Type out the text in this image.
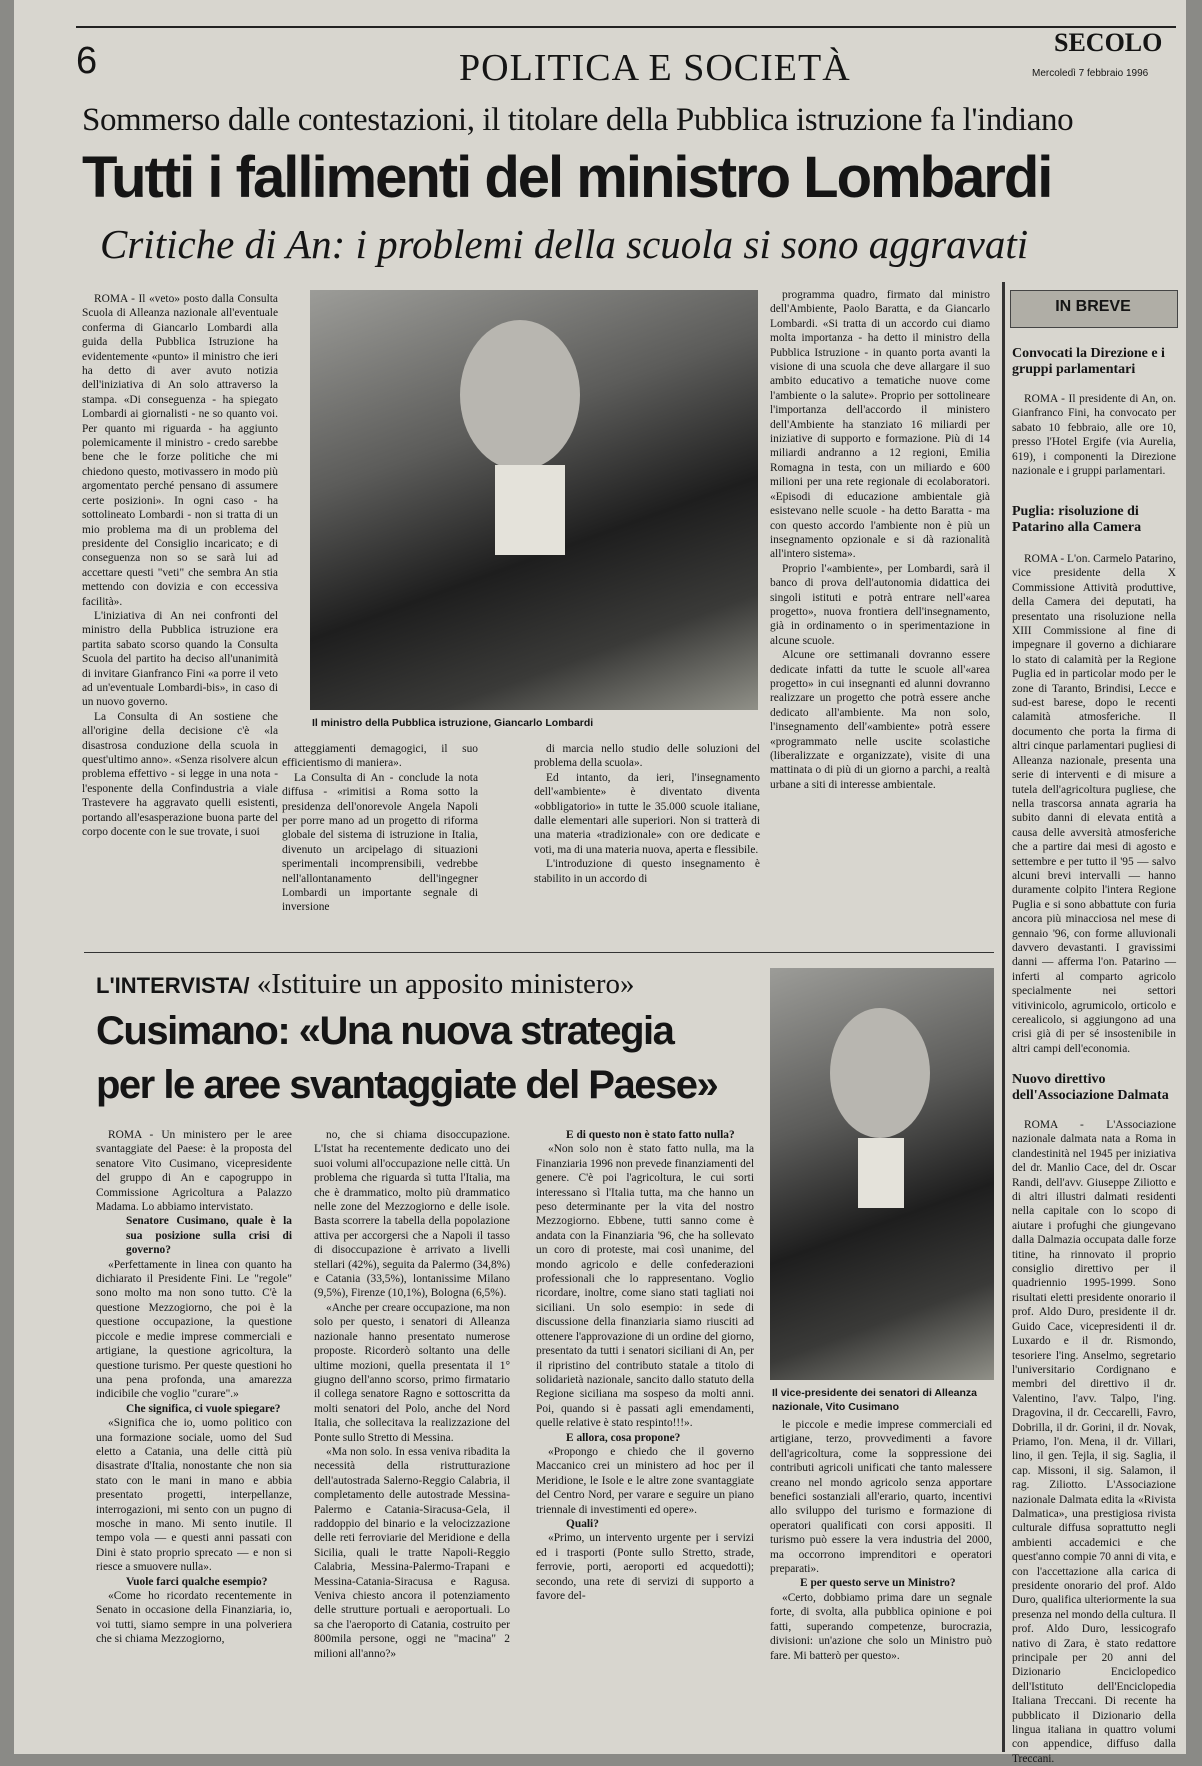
6	POLITICA E SOCIETÀ
SECOLO
Mercoledì 7 febbraio 1996
Sommerso dalle contestazioni, il titolare della Pubblica istruzione fa l'indiano
Tutti i fallimenti del ministro Lombardi
Critiche di An: i problemi della scuola si sono aggravati

ROMA - Il «veto» posto dalla Consulta Scuola di Alleanza nazionale all'eventuale conferma di Giancarlo Lombardi alla guida della Pubblica Istruzione ha evidentemente «punto» il ministro che ieri ha detto di aver avuto notizia dell'iniziativa di An solo attraverso la stampa. «Di conseguenza - ha spiegato Lombardi ai giornalisti - ne so quanto voi. Per quanto mi riguarda - ha aggiunto polemicamente il ministro - credo sarebbe bene che le forze politiche che mi chiedono questo, motivassero in modo più argomentato perché pensano di assumere certe posizioni». In ogni caso - ha sottolineato Lombardi - non si tratta di un mio problema ma di un problema del presidente del Consiglio incaricato; e di conseguenza non so se sarà lui ad accettare questi "veti" che sembra An stia mettendo con dovizia e con eccessiva facilità».

L'iniziativa di An nei confronti del ministro della Pubblica istruzione era partita sabato scorso quando la Consulta Scuola del partito ha deciso all'unanimità di invitare Gianfranco Fini «a porre il veto ad un'eventuale Lombardi-bis», in caso di un nuovo governo.

La Consulta di An sostiene che all'origine della decisione c'è «la disastrosa conduzione della scuola in quest'ultimo anno». «Senza risolvere alcun problema effettivo - si legge in una nota - l'esponente della Confindustria a viale Trastevere ha aggravato quelli esistenti, portando all'esasperazione buona parte del corpo docente con le sue trovate, i suoi

Il ministro della Pubblica istruzione, Giancarlo Lombardi

atteggiamenti demagogici, il suo efficientismo di maniera».

La Consulta di An - conclude la nota diffusa - «rimitisi a Roma sotto la presidenza dell'onorevole Angela Napoli per porre mano ad un progetto di riforma globale del sistema di istruzione in Italia, divenuto un arcipelago di situazioni sperimentali incomprensibili, vedrebbe nell'allontanamento dell'ingegner Lombardi un importante segnale di inversione

di marcia nello studio delle soluzioni del problema della scuola».

Ed intanto, da ieri, l'insegnamento dell'«ambiente» è diventato diventa «obbligatorio» in tutte le 35.000 scuole italiane, dalle elementari alle superiori. Non si tratterà di una materia «tradizionale» con ore dedicate e voti, ma di una materia nuova, aperta e flessibile.

L'introduzione di questo insegnamento è stabilito in un accordo di

programma quadro, firmato dal ministro dell'Ambiente, Paolo Baratta, e da Giancarlo Lombardi. «Si tratta di un accordo cui diamo molta importanza - ha detto il ministro della Pubblica Istruzione - in quanto porta avanti la visione di una scuola che deve allargare il suo ambito educativo a tematiche nuove come l'ambiente o la salute». Proprio per sottolineare l'importanza dell'accordo il ministero dell'Ambiente ha stanziato 16 miliardi per iniziative di supporto e formazione. Più di 14 miliardi andranno a 12 regioni, Emilia Romagna in testa, con un miliardo e 600 milioni per una rete regionale di ecolaboratori. «Episodi di educazione ambientale già esistevano nelle scuole - ha detto Baratta - ma con questo accordo l'ambiente non è più un insegnamento opzionale e si dà razionalità all'intero sistema».

Proprio l'«ambiente», per Lombardi, sarà il banco di prova dell'autonomia didattica dei singoli istituti e potrà entrare nell'«area progetto», nuova frontiera dell'insegnamento, già in ordinamento o in sperimentazione in alcune scuole.

Alcune ore settimanali dovranno essere dedicate infatti da tutte le scuole all'«area progetto» in cui insegnanti ed alunni dovranno realizzare un progetto che potrà essere anche dedicato all'ambiente. Ma non solo, l'insegnamento dell'«ambiente» potrà essere «programmato nelle uscite scolastiche (liberalizzate e organizzate), visite di una mattinata o di più di un giorno a parchi, a realtà urbane a siti di interesse ambientale.

L'INTERVISTA/ «Istituire un apposito ministero»
Cusimano: «Una nuova strategia
per le aree svantaggiate del Paese»
Il vice-presidente dei senatori di Alleanza nazionale, Vito Cusimano

ROMA - Un ministero per le aree svantaggiate del Paese: è la proposta del senatore Vito Cusimano, vicepresidente del gruppo di An e capogruppo in Commissione Agricoltura a Palazzo Madama. Lo abbiamo intervistato.

Senatore Cusimano, quale è la sua posizione sulla crisi di governo?

«Perfettamente in linea con quanto ha dichiarato il Presidente Fini. Le "regole" sono molto ma non sono tutto. C'è la questione Mezzogiorno, che poi è la questione occupazione, la questione piccole e medie imprese commerciali e artigiane, la questione agricoltura, la questione turismo. Per queste questioni ho una pena profonda, una amarezza indicibile che voglio "curare".»

Che significa, ci vuole spiegare?

«Significa che io, uomo politico con una formazione sociale, uomo del Sud eletto a Catania, una delle città più disastrate d'Italia, nonostante che non sia stato con le mani in mano e abbia presentato progetti, interpellanze, interrogazioni, mi sento con un pugno di mosche in mano. Mi sento inutile. Il tempo vola — e questi anni passati con Dini è stato proprio sprecato — e non si riesce a smuovere nulla».

Vuole farci qualche esempio?

«Come ho ricordato recentemente in Senato in occasione della Finanziaria, io, voi tutti, siamo sempre in una polveriera che si chiama Mezzogiorno,

no, che si chiama disoccupazione. L'Istat ha recentemente dedicato uno dei suoi volumi all'occupazione nelle città. Un problema che riguarda sì tutta l'Italia, ma che è drammatico, molto più drammatico nelle zone del Mezzogiorno e delle isole. Basta scorrere la tabella della popolazione attiva per accorgersi che a Napoli il tasso di disoccupazione è arrivato a livelli stellari (42%), seguita da Palermo (34,8%) e Catania (33,5%), lontanissime Milano (9,5%), Firenze (10,1%), Bologna (6,5%).

«Anche per creare occupazione, ma non solo per questo, i senatori di Alleanza nazionale hanno presentato numerose proposte. Ricorderò soltanto una delle ultime mozioni, quella presentata il 1° giugno dell'anno scorso, primo firmatario il collega senatore Ragno e sottoscritta da molti senatori del Polo, anche del Nord Italia, che sollecitava la realizzazione del Ponte sullo Stretto di Messina.

«Ma non solo. In essa veniva ribadita la necessità della ristrutturazione dell'autostrada Salerno-Reggio Calabria, il completamento delle autostrade Messina-Palermo e Catania-Siracusa-Gela, il raddoppio del binario e la velocizzazione delle reti ferroviarie del Meridione e della Sicilia, quali le tratte Napoli-Reggio Calabria, Messina-Palermo-Trapani e Messina-Catania-Siracusa e Ragusa. Veniva chiesto ancora il potenziamento delle strutture portuali e aeroportuali. Lo sa che l'aeroporto di Catania, costruito per 800mila persone, oggi ne "macina" 2 milioni all'anno?»

E di questo non è stato fatto nulla?

«Non solo non è stato fatto nulla, ma la Finanziaria 1996 non prevede finanziamenti del genere. C'è poi l'agricoltura, le cui sorti interessano sì l'Italia tutta, ma che hanno un peso determinante per la vita del nostro Mezzogiorno. Ebbene, tutti sanno come è andata con la Finanziaria '96, che ha sollevato un coro di proteste, mai così unanime, del mondo agricolo e delle confederazioni professionali che lo rappresentano. Voglio ricordare, inoltre, come siano stati tagliati noi siciliani. Un solo esempio: in sede di discussione della finanziaria siamo riusciti ad ottenere l'approvazione di un ordine del giorno, presentato da tutti i senatori siciliani di An, per il ripristino del contributo statale a titolo di solidarietà nazionale, sancito dallo statuto della Regione siciliana ma sospeso da molti anni. Poi, quando si è passati agli emendamenti, quelle relative è stato respinto!!!».

E allora, cosa propone?

«Propongo e chiedo che il governo Maccanico crei un ministero ad hoc per il Meridione, le Isole e le altre zone svantaggiate del Centro Nord, per varare e seguire un piano triennale di investimenti ed opere».

Quali?

«Primo, un intervento urgente per i servizi ed i trasporti (Ponte sullo Stretto, strade, ferrovie, porti, aeroporti ed acquedotti); secondo, una rete di servizi di supporto a favore del-

le piccole e medie imprese commerciali ed artigiane, terzo, provvedimenti a favore dell'agricoltura, come la soppressione dei contributi agricoli unificati che tanto malessere creano nel mondo agricolo senza apportare benefici sostanziali all'erario, quarto, incentivi allo sviluppo del turismo e formazione di operatori qualificati con corsi appositi. Il turismo può essere la vera industria del 2000, ma occorrono imprenditori e operatori preparati».

E per questo serve un Ministro?

«Certo, dobbiamo prima dare un segnale forte, di svolta, alla pubblica opinione e poi fatti, superando competenze, burocrazia, divisioni: un'azione che solo un Ministro può fare. Mi batterò per questo».

IN BREVE
Convocati la Direzione e i gruppi parlamentari

ROMA - Il presidente di An, on. Gianfranco Fini, ha convocato per sabato 10 febbraio, alle ore 10, presso l'Hotel Ergife (via Aurelia, 619), i componenti la Direzione nazionale e i gruppi parlamentari.

Puglia: risoluzione di Patarino alla Camera

ROMA - L'on. Carmelo Patarino, vice presidente della X Commissione Attività produttive, della Camera dei deputati, ha presentato una risoluzione nella XIII Commissione al fine di impegnare il governo a dichiarare lo stato di calamità per la Regione Puglia ed in particolar modo per le zone di Taranto, Brindisi, Lecce e sud-est barese, dopo le recenti calamità atmosferiche. Il documento che porta la firma di altri cinque parlamentari pugliesi di Alleanza nazionale, presenta una serie di interventi e di misure a tutela dell'agricoltura pugliese, che nella trascorsa annata agraria ha subito danni di elevata entità a causa delle avversità atmosferiche che a partire dai mesi di agosto e settembre e per tutto il '95 — salvo alcuni brevi intervalli — hanno duramente colpito l'intera Regione Puglia e si sono abbattute con furia ancora più minacciosa nel mese di gennaio '96, con forme alluvionali davvero devastanti. I gravissimi danni — afferma l'on. Patarino — inferti al comparto agricolo specialmente nei settori vitivinicolo, agrumicolo, orticolo e cerealicolo, si aggiungono ad una crisi già di per sé insostenibile in altri campi dell'economia.

Nuovo direttivo dell'Associazione Dalmata

ROMA - L'Associazione nazionale dalmata nata a Roma in clandestinità nel 1945 per iniziativa del dr. Manlio Cace, del dr. Oscar Randi, dell'avv. Giuseppe Ziliotto e di altri illustri dalmati residenti nella capitale con lo scopo di aiutare i profughi che giungevano dalla Dalmazia occupata dalle forze titine, ha rinnovato il proprio consiglio direttivo per il quadriennio 1995-1999. Sono risultati eletti presidente onorario il prof. Aldo Duro, presidente il dr. Guido Cace, vicepresidenti il dr. Luxardo e il dr. Rismondo, tesoriere l'ing. Anselmo, segretario l'universitario Cordignano e membri del direttivo il dr. Valentino, l'avv. Talpo, l'ing. Dragovina, il dr. Ceccarelli, Favro, Dobrilla, il dr. Gorini, il dr. Novak, Priamo, l'on. Mena, il dr. Villari, lino, il gen. Tejla, il sig. Saglia, il cap. Missoni, il sig. Salamon, il rag. Ziliotto. L'Associazione nazionale Dalmata edita la «Rivista Dalmatica», una prestigiosa rivista culturale diffusa soprattutto negli ambienti accademici e che quest'anno compie 70 anni di vita, e con l'accettazione alla carica di presidente onorario del prof. Aldo Duro, qualifica ulteriormente la sua presenza nel mondo della cultura. Il prof. Aldo Duro, lessicografo nativo di Zara, è stato redattore principale per 20 anni del Dizionario Enciclopedico dell'Istituto dell'Enciclopedia Italiana Treccani. Di recente ha pubblicato il Dizionario della lingua italiana in quattro volumi con appendice, diffuso dalla Treccani.
